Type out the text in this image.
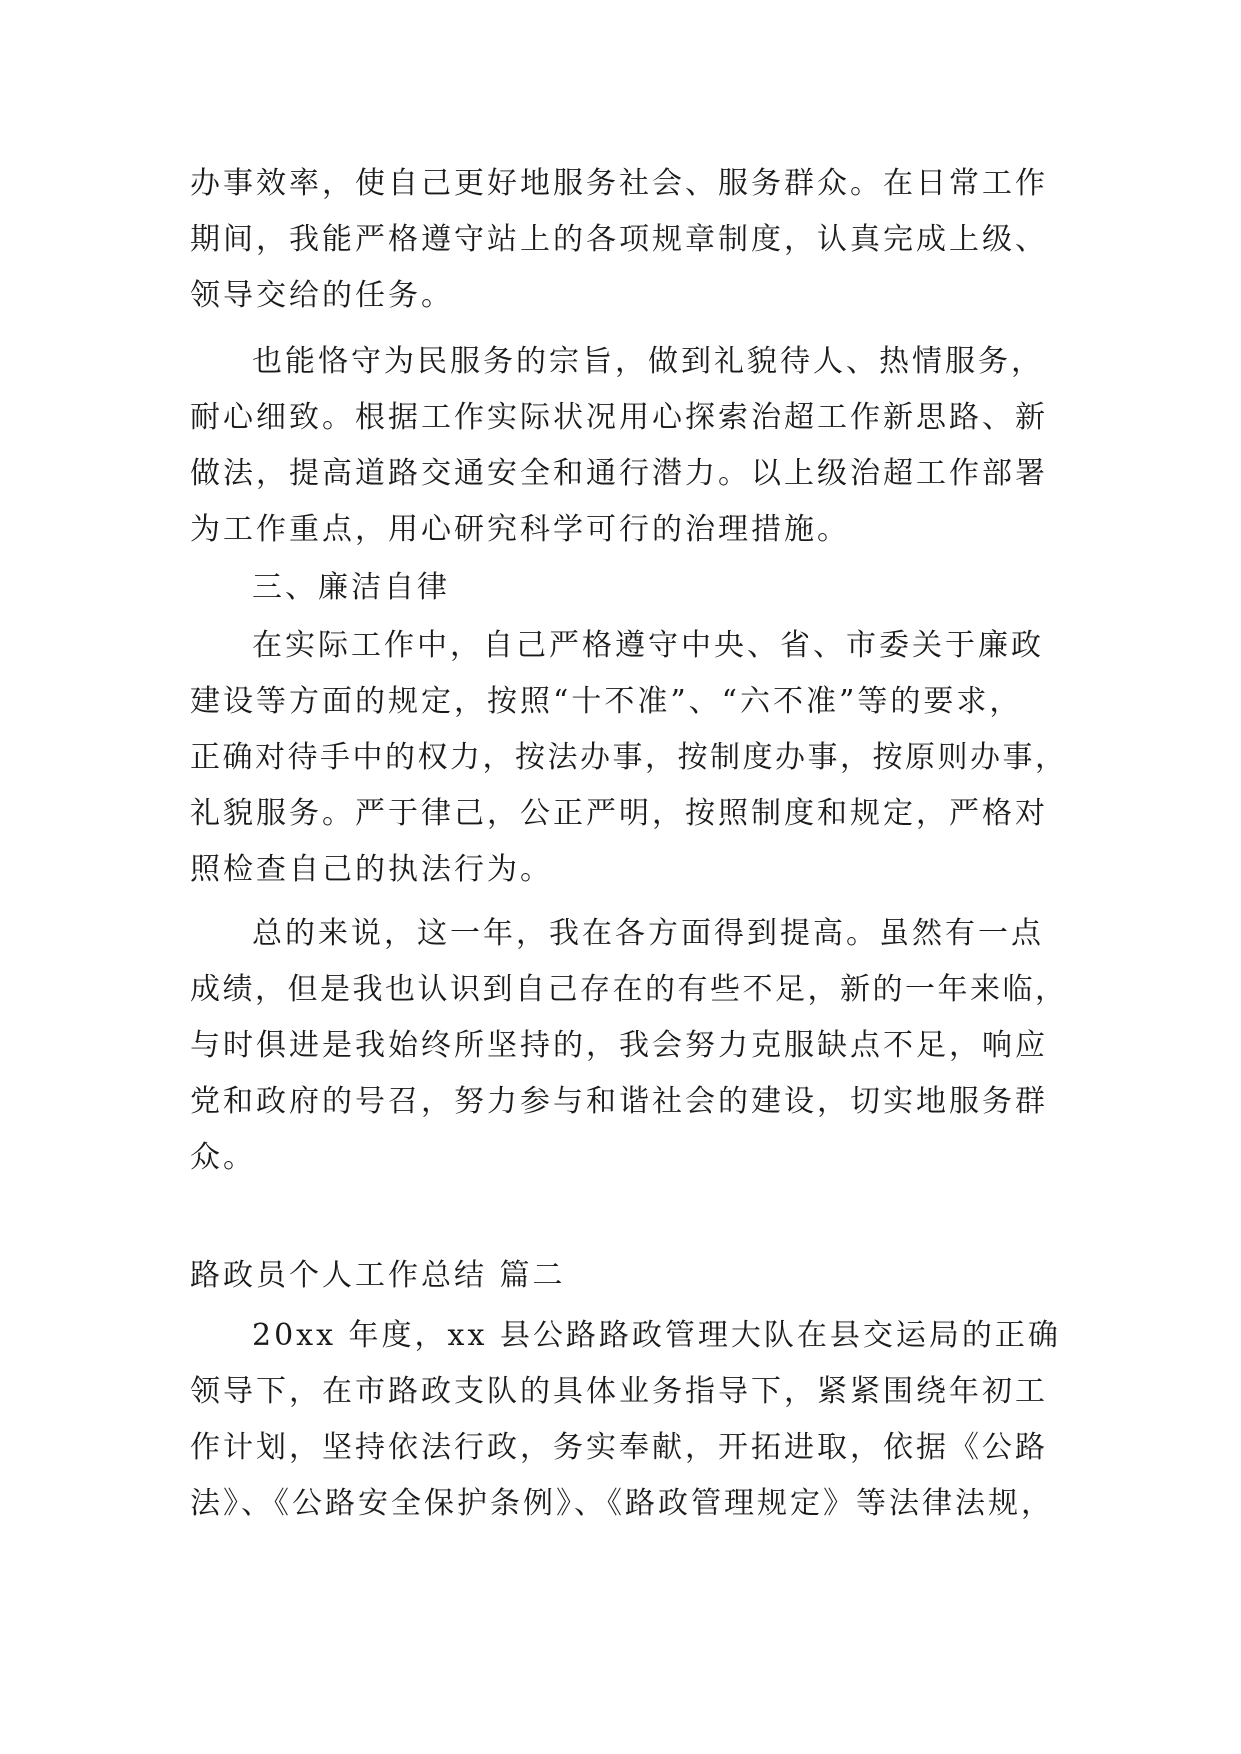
办事效率，使自己更好地服务社会、服务群众。在日常工作
期间，我能严格遵守站上的各项规章制度，认真完成上级、
领导交给的任务。
也能恪守为民服务的宗旨，做到礼貌待人、热情服务，
耐心细致。根据工作实际状况用心探索治超工作新思路、新
做法，提高道路交通安全和通行潜力。以上级治超工作部署
为工作重点，用心研究科学可行的治理措施。
三、廉洁自律
在实际工作中，自己严格遵守中央、省、市委关于廉政
建设等方面的规定，按照“十不准”、“六不准”等的要求，
正确对待手中的权力，按法办事，按制度办事，按原则办事，
礼貌服务。严于律己，公正严明，按照制度和规定，严格对
照检查自己的执法行为。
总的来说，这一年，我在各方面得到提高。虽然有一点
成绩，但是我也认识到自己存在的有些不足，新的一年来临，
与时俱进是我始终所坚持的，我会努力克服缺点不足，响应
党和政府的号召，努力参与和谐社会的建设，切实地服务群
众。
路政员个人工作总结 篇二
20xx 年度，xx 县公路路政管理大队在县交运局的正确
领导下，在市路政支队的具体业务指导下，紧紧围绕年初工
作计划，坚持依法行政，务实奉献，开拓进取，依据《公路
法》、《公路安全保护条例》、《路政管理规定》等法律法规，
